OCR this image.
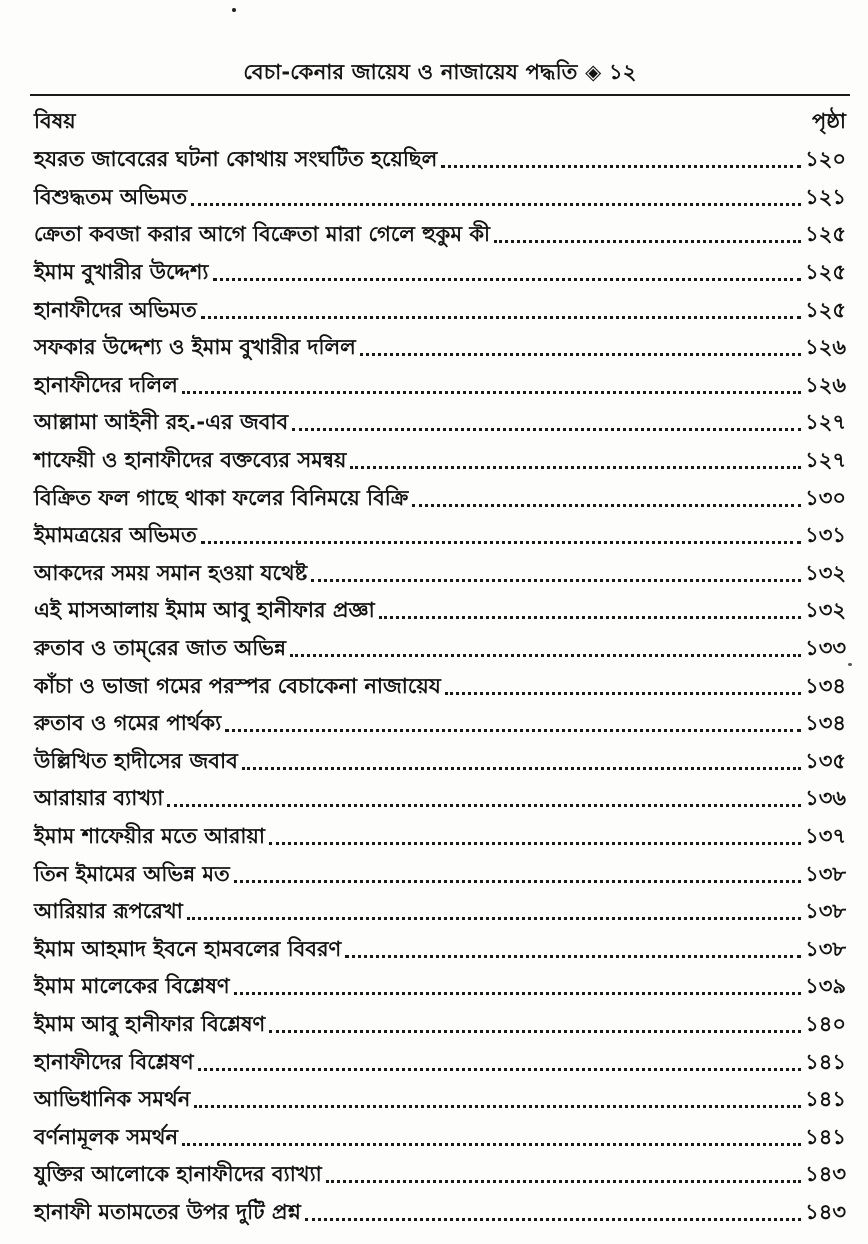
বেচা-কেনার জায়েয ও নাজায়েয পদ্ধতি ◈ ১২
বিষয়	পৃষ্ঠা
হযরত জাবেরের ঘটনা কোথায় সংঘটিত হয়েছিল	১২০
বিশুদ্ধতম অভিমত	১২১
ক্রেতা কবজা করার আগে বিক্রেতা মারা গেলে হুকুম কী	১২৫
ইমাম বুখারীর উদ্দেশ্য	১২৫
হানাফীদের অভিমত	১২৫
সফকার উদ্দেশ্য ও ইমাম বুখারীর দলিল	১২৬
হানাফীদের দলিল	১২৬
আল্লামা আইনী রহ.-এর জবাব	১২৭
শাফেয়ী ও হানাফীদের বক্তব্যের সমন্বয়	১২৭
বিক্রিত ফল গাছে থাকা ফলের বিনিময়ে বিক্রি	১৩০
ইমামত্রয়ের অভিমত	১৩১
আকদের সময় সমান হওয়া যথেষ্ট	১৩২
এই মাসআলায় ইমাম আবু হানীফার প্রজ্ঞা	১৩২
রুতাব ও তাম্‌রের জাত অভিন্ন	১৩৩
কাঁচা ও ভাজা গমের পরস্পর বেচাকেনা নাজায়েয	১৩৪
রুতাব ও গমের পার্থক্য	১৩৪
উল্লিখিত হাদীসের জবাব	১৩৫
আরায়ার ব্যাখ্যা	১৩৬
ইমাম শাফেয়ীর মতে আরায়া	১৩৭
তিন ইমামের অভিন্ন মত	১৩৮
আরিয়ার রূপরেখা	১৩৮
ইমাম আহমাদ ইবনে হামবলের বিবরণ	১৩৮
ইমাম মালেকের বিশ্লেষণ	১৩৯
ইমাম আবু হানীফার বিশ্লেষণ	১৪০
হানাফীদের বিশ্লেষণ	১৪১
আভিধানিক সমর্থন	১৪১
বর্ণনামূলক সমর্থন	১৪১
যুক্তির আলোকে হানাফীদের ব্যাখ্যা	১৪৩
হানাফী মতামতের উপর দুটি প্রশ্ন	১৪৩
